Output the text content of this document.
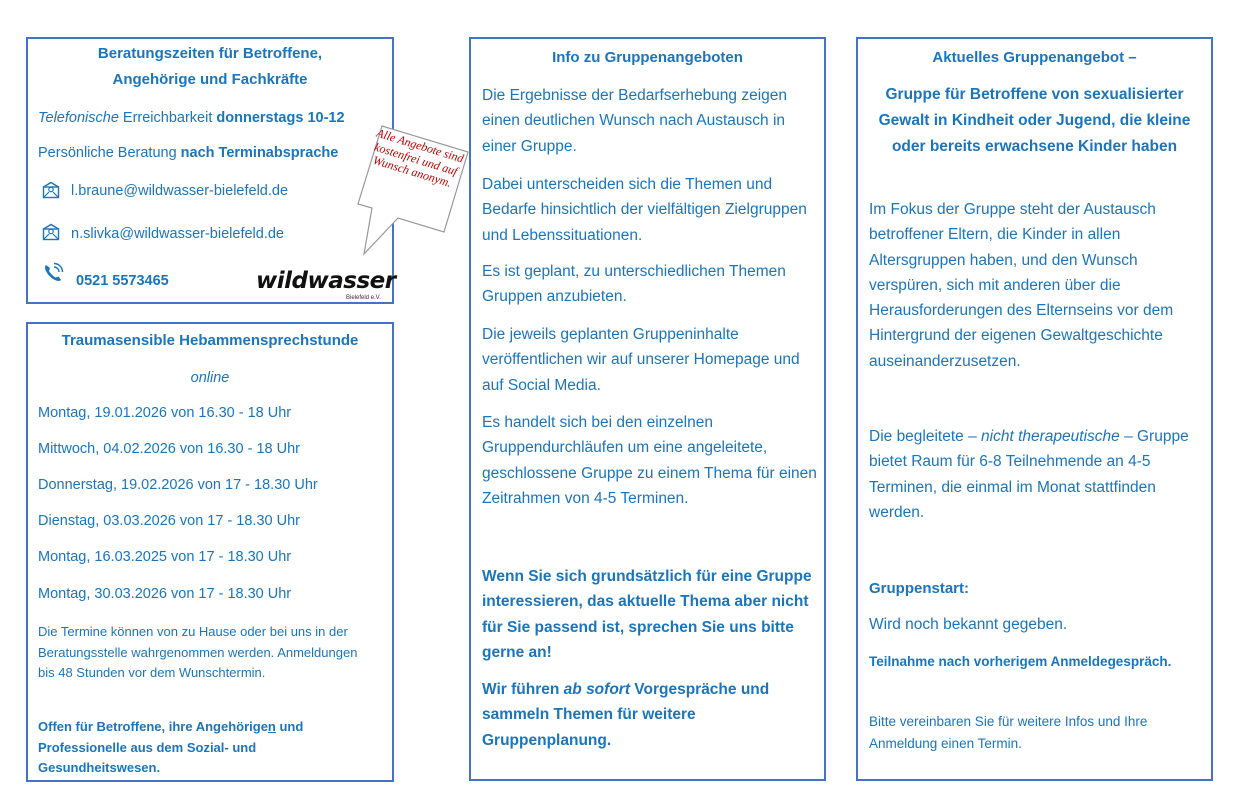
Beratungszeiten für Betroffene,
Angehörige und Fachkräfte
Telefonische Erreichbarkeit donnerstags 10-12
Persönliche Beratung nach Terminabsprache
l.braune@wildwasser-bielefeld.de
n.slivka@wildwasser-bielefeld.de
0521 5573465	wildwasser
Bielefeld e.V.
Alle Angebote sind kostenfrei und auf Wunsch anonym.
Traumasensible Hebammensprechstunde
online
Montag, 19.01.2026 von 16.30 - 18 Uhr
Mittwoch, 04.02.2026 von 16.30 - 18 Uhr
Donnerstag, 19.02.2026 von 17 - 18.30 Uhr
Dienstag, 03.03.2026 von 17 - 18.30 Uhr
Montag, 16.03.2025 von 17 - 18.30 Uhr
Montag, 30.03.2026 von 17 - 18.30 Uhr
Die Termine können von zu Hause oder bei uns in der Beratungsstelle wahrgenommen werden. Anmeldungen bis 48 Stunden vor dem Wunschtermin.
Offen für Betroffene, ihre Angehörigen und Professionelle aus dem Sozial- und Gesundheitswesen.
Info zu Gruppenangeboten
Die Ergebnisse der Bedarfserhebung zeigen einen deutlichen Wunsch nach Austausch in einer Gruppe.
Dabei unterscheiden sich die Themen und Bedarfe hinsichtlich der vielfältigen Zielgruppen und Lebenssituationen.
Es ist geplant, zu unterschiedlichen Themen Gruppen anzubieten.
Die jeweils geplanten Gruppeninhalte veröffentlichen wir auf unserer Homepage und auf Social Media.
Es handelt sich bei den einzelnen Gruppendurchläufen um eine angeleitete, geschlossene Gruppe zu einem Thema für einen Zeitrahmen von 4-5 Terminen.
Wenn Sie sich grundsätzlich für eine Gruppe interessieren, das aktuelle Thema aber nicht für Sie passend ist, sprechen Sie uns bitte gerne an!
Wir führen ab sofort Vorgespräche und sammeln Themen für weitere Gruppenplanung.
Aktuelles Gruppenangebot –
Gruppe für Betroffene von sexualisierter Gewalt in Kindheit oder Jugend, die kleine oder bereits erwachsene Kinder haben
Im Fokus der Gruppe steht der Austausch betroffener Eltern, die Kinder in allen Altersgruppen haben, und den Wunsch verspüren, sich mit anderen über die Herausforderungen des Elternseins vor dem Hintergrund der eigenen Gewaltgeschichte auseinanderzusetzen.
Die begleitete – nicht therapeutische – Gruppe bietet Raum für 6-8 Teilnehmende an 4-5 Terminen, die einmal im Monat stattfinden werden.
Gruppenstart:
Wird noch bekannt gegeben.
Teilnahme nach vorherigem Anmeldegespräch.
Bitte vereinbaren Sie für weitere Infos und Ihre Anmeldung einen Termin.
